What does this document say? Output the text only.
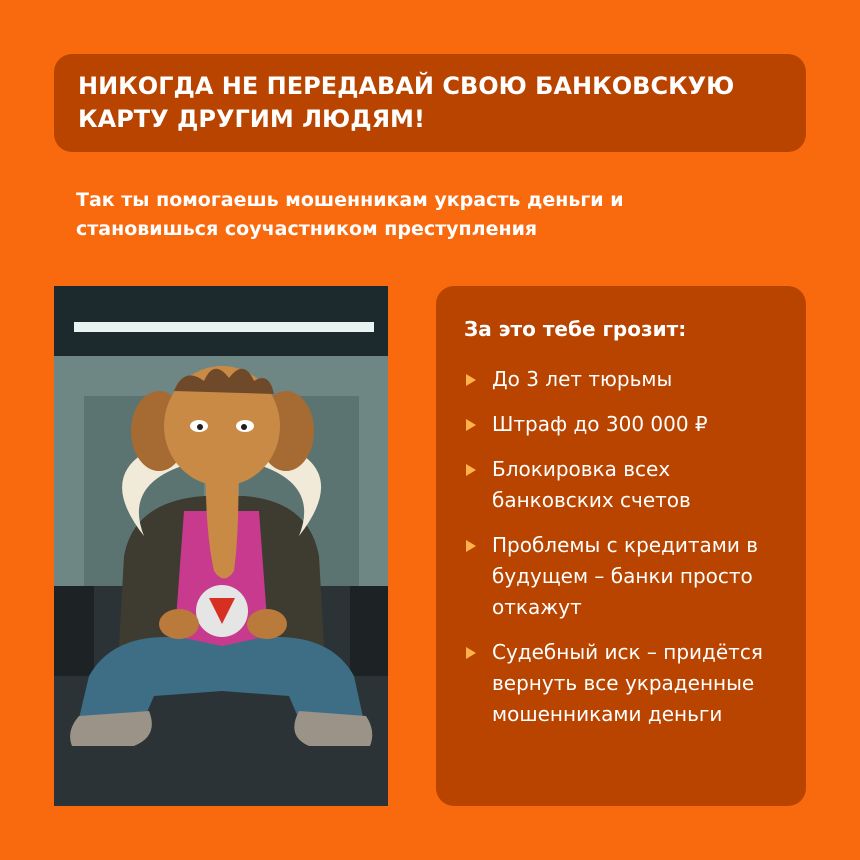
НИКОГДА НЕ ПЕРЕДАВАЙ СВОЮ БАНКОВСКУЮ КАРТУ ДРУГИМ ЛЮДЯМ!

Так ты помогаешь мошенникам украсть деньги и становишься соучастником преступления

За это тебе грозит:

До 3 лет тюрьмы
Штраф до 300 000 ₽
Блокировка всех банковских счетов
Проблемы с кредитами в будущем – банки просто откажут
Судебный иск – придётся вернуть все украденные мошенниками деньги
